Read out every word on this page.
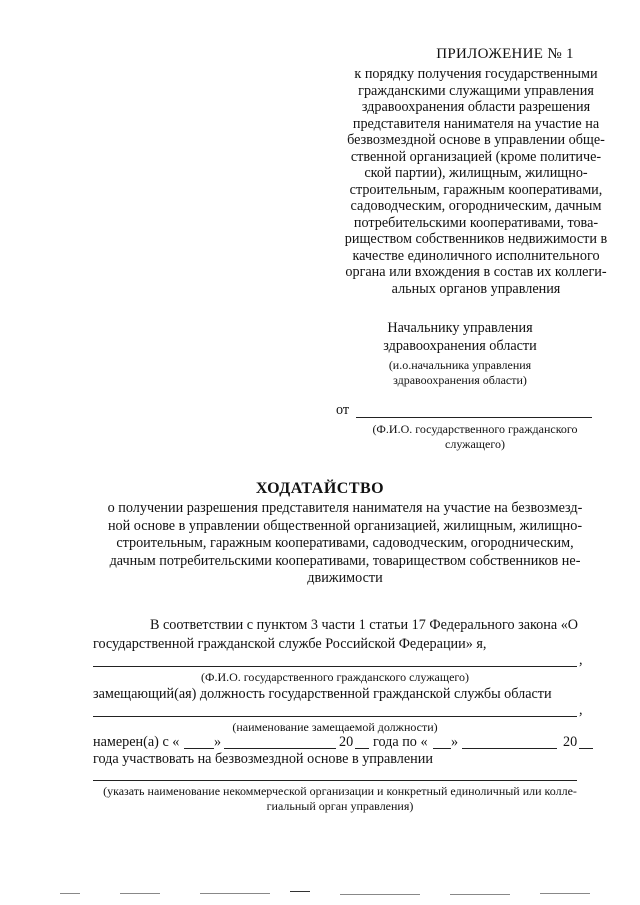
ПРИЛОЖЕНИЕ № 1
к порядку получения государственными
гражданскими служащими управления
здравоохранения области разрешения
представителя нанимателя на участие на
безвозмездной основе в управлении обще-
ственной организацией (кроме политиче-
ской партии), жилищным, жилищно-
строительным, гаражным кооперативами,
садоводческим, огородническим, дачным
потребительскими кооперативами, това-
риществом собственников недвижимости в
качестве единоличного исполнительного
органа или вхождения в состав их коллеги-
альных органов управления
Начальнику управления
здравоохранения области
(и.о.начальника управления
здравоохранения области)
от
(Ф.И.О. государственного гражданского
служащего)
ХОДАТАЙСТВО
о получении разрешения представителя нанимателя на участие на безвозмезд-
ной основе в управлении общественной организацией, жилищным, жилищно-
строительным, гаражным кооперативами, садоводческим, огородническим,
дачным потребительскими кооперативами, товариществом собственников не-
движимости
В соответствии с пунктом 3 части 1 статьи 17 Федерального закона «О
государственной гражданской службе Российской Федерации» я,
,
(Ф.И.О. государственного гражданского служащего)
замещающий(ая) должность государственной гражданской службы области
,
(наименование замещаемой должности)
намерен(а) с « »	20 года по « »	20
года участвовать на безвозмездной основе в управлении
(указать наименование некоммерческой организации и конкретный единоличный или колле-
гиальный орган управления)
